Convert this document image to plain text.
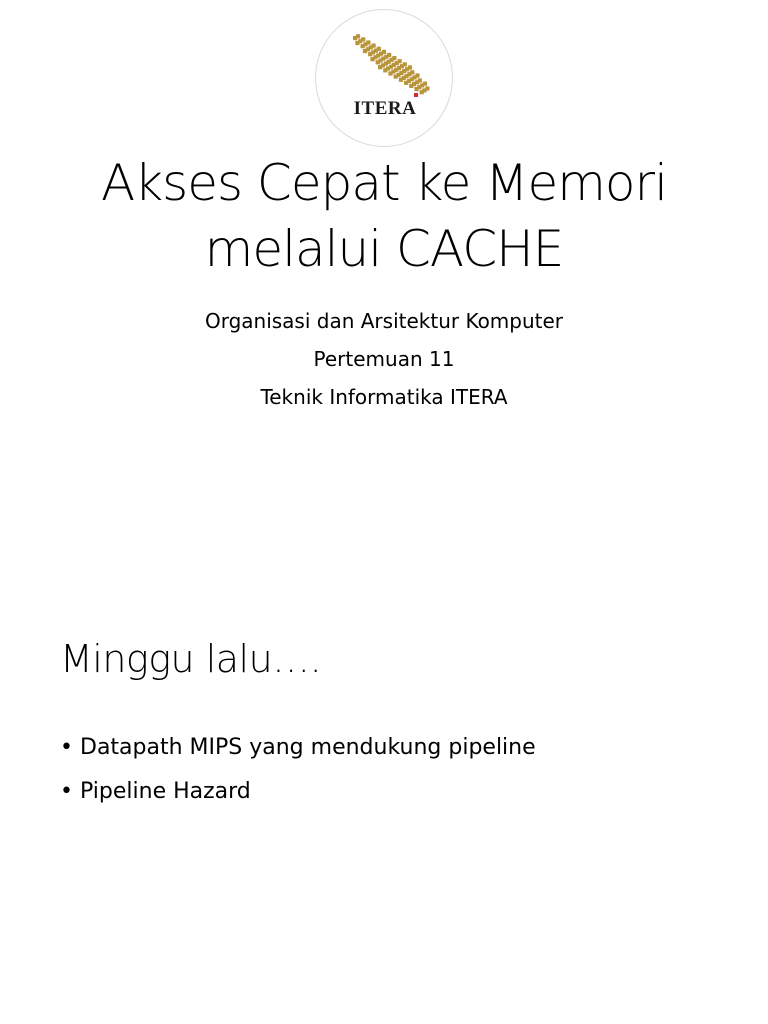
ITERA
Akses Cepat ke Memori
melalui CACHE
Organisasi dan Arsitektur Komputer
Pertemuan 11
Teknik Informatika ITERA
Minggu lalu….
• Datapath MIPS yang mendukung pipeline
• Pipeline Hazard
